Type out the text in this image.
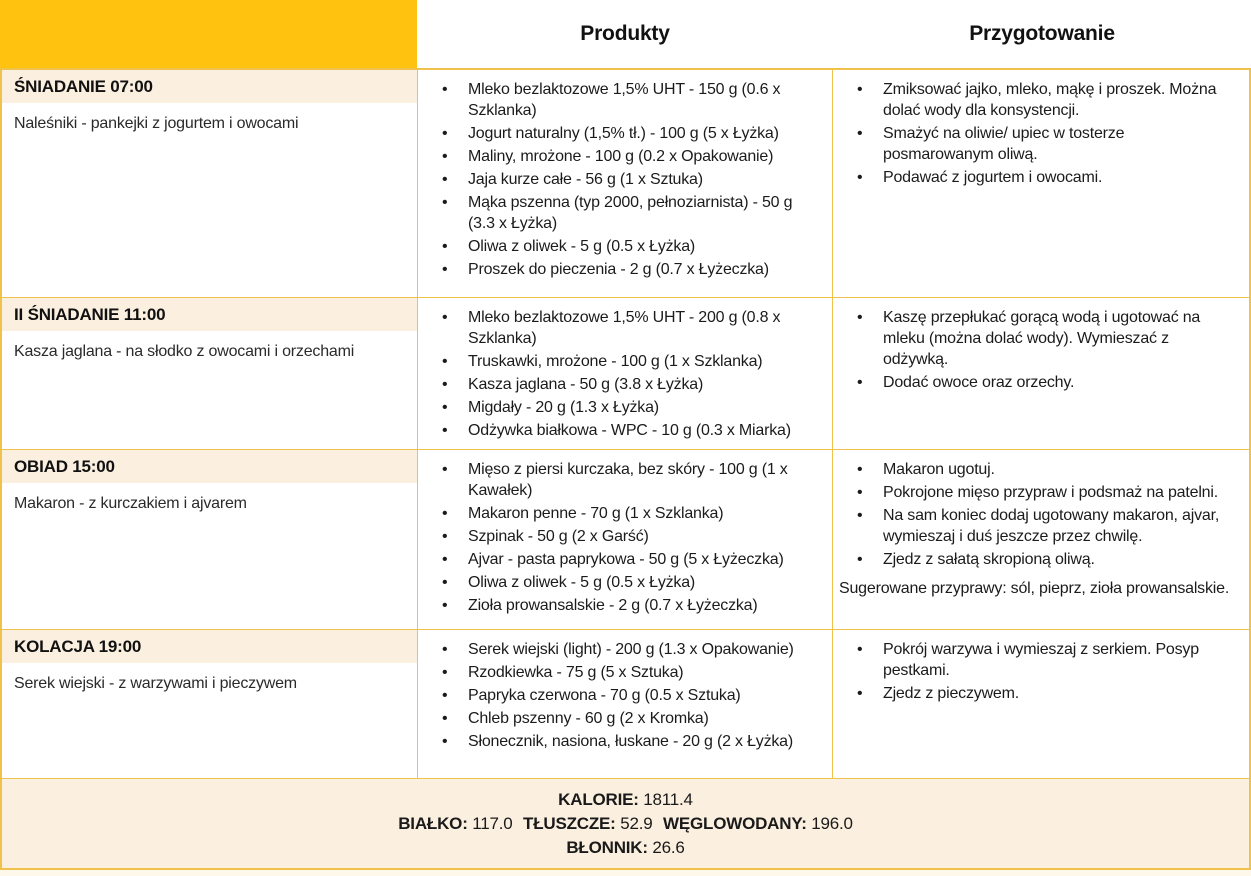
Produkty	Przygotowanie
ŚNIADANIE 07:00
Naleśniki - pankejki z jogurtem i owocami
• Mleko bezlaktozowe 1,5% UHT - 150 g (0.6 x Szklanka)
• Jogurt naturalny (1,5% tł.) - 100 g (5 x Łyżka)
• Maliny, mrożone - 100 g (0.2 x Opakowanie)
• Jaja kurze całe - 56 g (1 x Sztuka)
• Mąka pszenna (typ 2000, pełnoziarnista) - 50 g (3.3 x Łyżka)
• Oliwa z oliwek - 5 g (0.5 x Łyżka)
• Proszek do pieczenia - 2 g (0.7 x Łyżeczka)
• Zmiksować jajko, mleko, mąkę i proszek. Można dolać wody dla konsystencji.
• Smażyć na oliwie/ upiec w tosterze posmarowanym oliwą.
• Podawać z jogurtem i owocami.
II ŚNIADANIE 11:00
Kasza jaglana - na słodko z owocami i orzechami
• Mleko bezlaktozowe 1,5% UHT - 200 g (0.8 x Szklanka)
• Truskawki, mrożone - 100 g (1 x Szklanka)
• Kasza jaglana - 50 g (3.8 x Łyżka)
• Migdały - 20 g (1.3 x Łyżka)
• Odżywka białkowa - WPC - 10 g (0.3 x Miarka)
• Kaszę przepłukać gorącą wodą i ugotować na mleku (można dolać wody). Wymieszać z odżywką.
• Dodać owoce oraz orzechy.
OBIAD 15:00
Makaron - z kurczakiem i ajvarem
• Mięso z piersi kurczaka, bez skóry - 100 g (1 x Kawałek)
• Makaron penne - 70 g (1 x Szklanka)
• Szpinak - 50 g (2 x Garść)
• Ajvar - pasta paprykowa - 50 g (5 x Łyżeczka)
• Oliwa z oliwek - 5 g (0.5 x Łyżka)
• Zioła prowansalskie - 2 g (0.7 x Łyżeczka)
• Makaron ugotuj.
• Pokrojone mięso przypraw i podsmaż na patelni.
• Na sam koniec dodaj ugotowany makaron, ajvar, wymieszaj i duś jeszcze przez chwilę.
• Zjedz z sałatą skropioną oliwą.
Sugerowane przyprawy: sól, pieprz, zioła prowansalskie.
KOLACJA 19:00
Serek wiejski - z warzywami i pieczywem
• Serek wiejski (light) - 200 g (1.3 x Opakowanie)
• Rzodkiewka - 75 g (5 x Sztuka)
• Papryka czerwona - 70 g (0.5 x Sztuka)
• Chleb pszenny - 60 g (2 x Kromka)
• Słonecznik, nasiona, łuskane - 20 g (2 x Łyżka)
• Pokrój warzywa i wymieszaj z serkiem. Posyp pestkami.
• Zjedz z pieczywem.
KALORIE: 1811.4
BIAŁKO: 117.0 TŁUSZCZE: 52.9 WĘGLOWODANY: 196.0
BŁONNIK: 26.6
